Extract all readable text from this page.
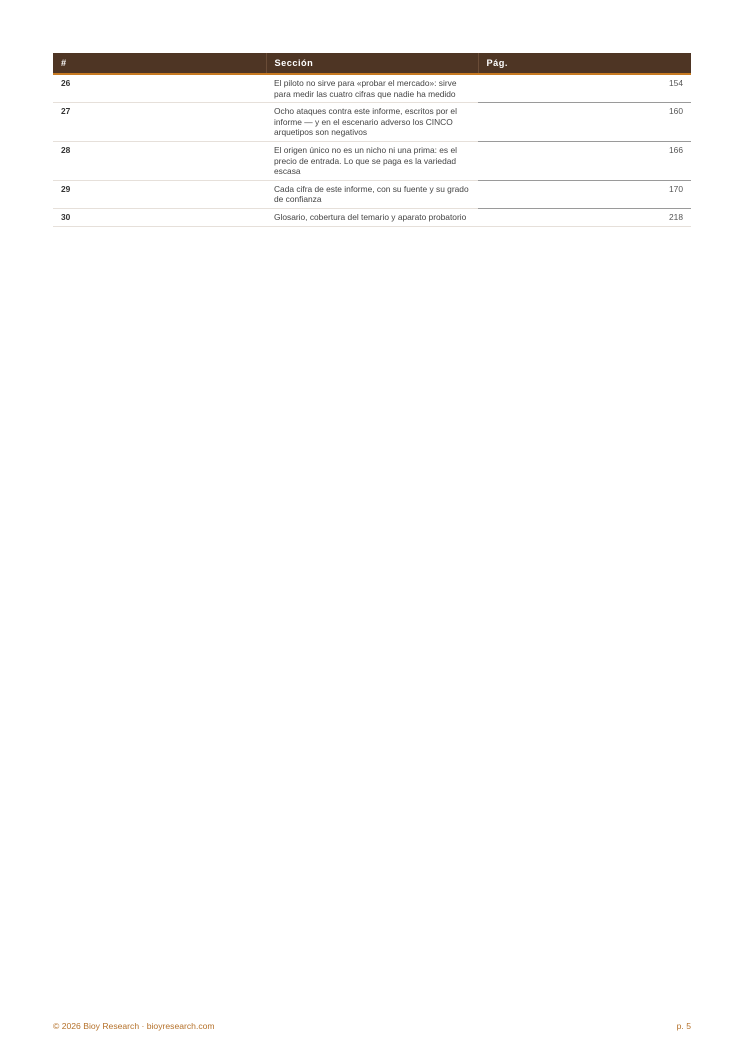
#	Sección	Pág.
26	El piloto no sirve para «probar el mercado»: sirve para medir las cuatro cifras que nadie ha medido	154
27	Ocho ataques contra este informe, escritos por el informe — y en el escenario adverso los CINCO arquetipos son negativos	160
28	El origen único no es un nicho ni una prima: es el precio de entrada. Lo que se paga es la variedad escasa	166
29	Cada cifra de este informe, con su fuente y su grado de confianza	170
30	Glosario, cobertura del temario y aparato probatorio	218
© 2026 Bioy Research · bioyresearch.com	p. 5
